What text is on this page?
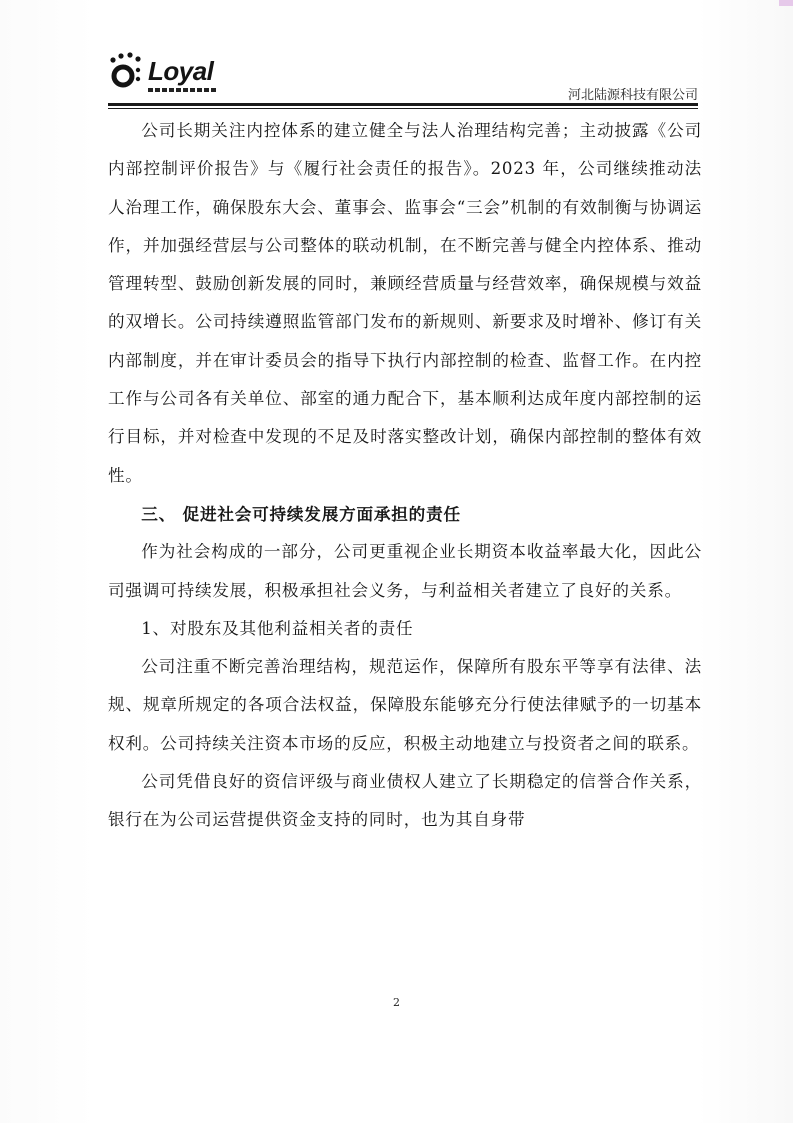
Loyal
河北陆源科技有限公司

公司长期关注内控体系的建立健全与法人治理结构完善；主动披露《公司内部控制评价报告》与《履行社会责任的报告》。2023 年，公司继续推动法人治理工作，确保股东大会、董事会、监事会“三会”机制的有效制衡与协调运作，并加强经营层与公司整体的联动机制，在不断完善与健全内控体系、推动管理转型、鼓励创新发展的同时，兼顾经营质量与经营效率，确保规模与效益的双增长。公司持续遵照监管部门发布的新规则、新要求及时增补、修订有关内部制度，并在审计委员会的指导下执行内部控制的检查、监督工作。在内控工作与公司各有关单位、部室的通力配合下，基本顺利达成年度内部控制的运行目标，并对检查中发现的不足及时落实整改计划，确保内部控制的整体有效性。

三、 促进社会可持续发展方面承担的责任

作为社会构成的一部分，公司更重视企业长期资本收益率最大化，因此公司强调可持续发展，积极承担社会义务，与利益相关者建立了良好的关系。

1、对股东及其他利益相关者的责任

公司注重不断完善治理结构，规范运作，保障所有股东平等享有法律、法规、规章所规定的各项合法权益，保障股东能够充分行使法律赋予的一切基本权利。公司持续关注资本市场的反应，积极主动地建立与投资者之间的联系。

公司凭借良好的资信评级与商业债权人建立了长期稳定的信誉合作关系，银行在为公司运营提供资金支持的同时，也为其自身带

2
